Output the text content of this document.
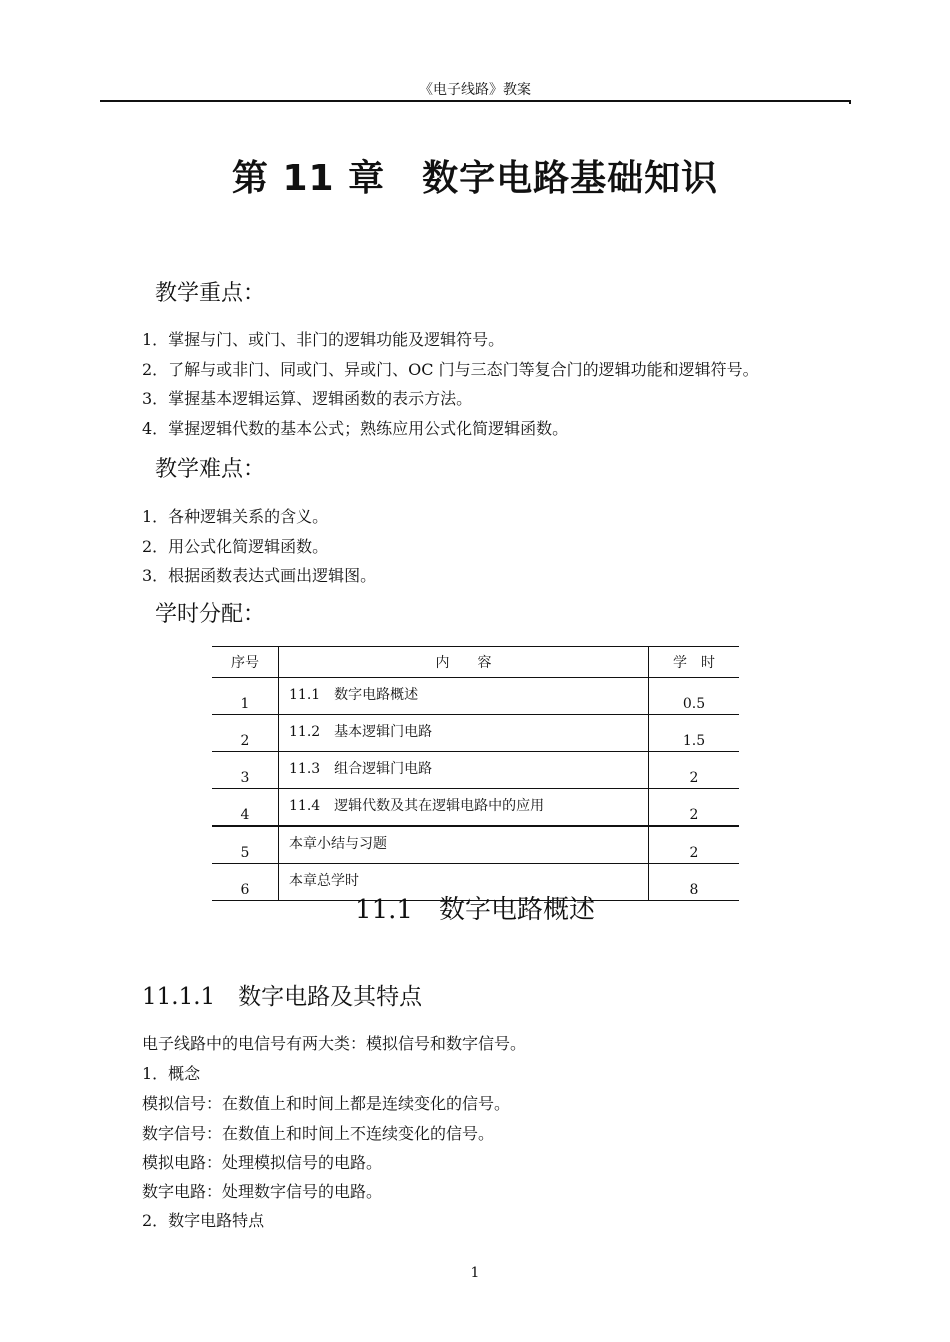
《电子线路》教案
第 11 章　数字电路基础知识
教学重点：
1．掌握与门、或门、非门的逻辑功能及逻辑符号。
2．了解与或非门、同或门、异或门、OC 门与三态门等复合门的逻辑功能和逻辑符号。
3．掌握基本逻辑运算、逻辑函数的表示方法。
4．掌握逻辑代数的基本公式；熟练应用公式化简逻辑函数。
教学难点：
1．各种逻辑关系的含义。
2．用公式化简逻辑函数。
3．根据函数表达式画出逻辑图。
学时分配：
序号	内　　容	学　时
1	11.1　数字电路概述	0.5
2	11.2　基本逻辑门电路	1.5
3	11.3　组合逻辑门电路	2
4	11.4　逻辑代数及其在逻辑电路中的应用	2
5	本章小结与习题	2
6	本章总学时	8
11.1　数字电路概述
11.1.1　数字电路及其特点
电子线路中的电信号有两大类：模拟信号和数字信号。
1．概念
模拟信号：在数值上和时间上都是连续变化的信号。
数字信号：在数值上和时间上不连续变化的信号。
模拟电路：处理模拟信号的电路。
数字电路：处理数字信号的电路。
2．数字电路特点
1
